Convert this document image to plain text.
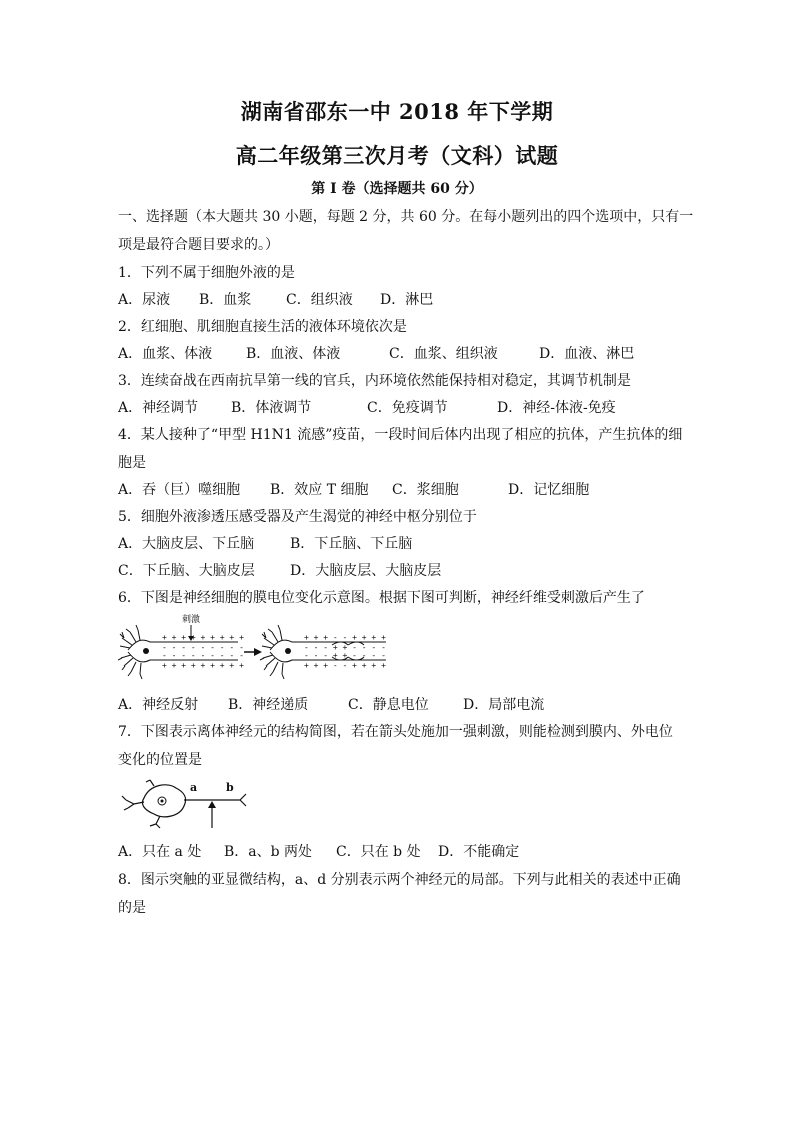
湖南省邵东一中 2018 年下学期
高二年级第三次月考（文科）试题
第 I 卷（选择题共 60 分）
一、选择题（本大题共 30 小题，每题 2 分，共 60 分。在每小题列出的四个选项中，只有一
项是最符合题目要求的。）
1．下列不属于细胞外液的是
A．尿液 B．血浆 C．组织液 D．淋巴
2．红细胞、肌细胞直接生活的液体环境依次是
A．血浆、体液 B．血液、体液	C．血浆、组织液	D．血液、淋巴
3．连续奋战在西南抗旱第一线的官兵，内环境依然能保持相对稳定，其调节机制是
A．神经调节 B．体液调节	C．免疫调节	D．神经-体液-免疫
4．某人接种了“甲型 H1N1 流感”疫苗，一段时间后体内出现了相应的抗体，产生抗体的细
胞是
A．吞（巨）噬细胞 B．效应 T 细胞 C．浆细胞	D．记忆细胞
5．细胞外液渗透压感受器及产生渴觉的神经中枢分别位于
A．大脑皮层、下丘脑	B．下丘脑、下丘脑
C．下丘脑、大脑皮层	D．大脑皮层、大脑皮层
6．下图是神经细胞的膜电位变化示意图。根据下图可判断，神经纤维受刺激后产生了
刺激
+ + + + + + + + + - - - - - - - - - - - - - - - - - - + + + + + + + + +
+ + + - - + + + + - - - + + - - - - - - - + + - - - - + + + - - + + + +
A．神经反射 B．神经递质	C．静息电位 D．局部电流
7．下图表示离体神经元的结构简图，若在箭头处施加一强刺激，则能检测到膜内、外电位
变化的位置是
a	b
A．只在 a 处 B．a、b 两处 C．只在 b 处 D．不能确定
8．图示突触的亚显微结构，a、d 分别表示两个神经元的局部。下列与此相关的表述中正确
的是
